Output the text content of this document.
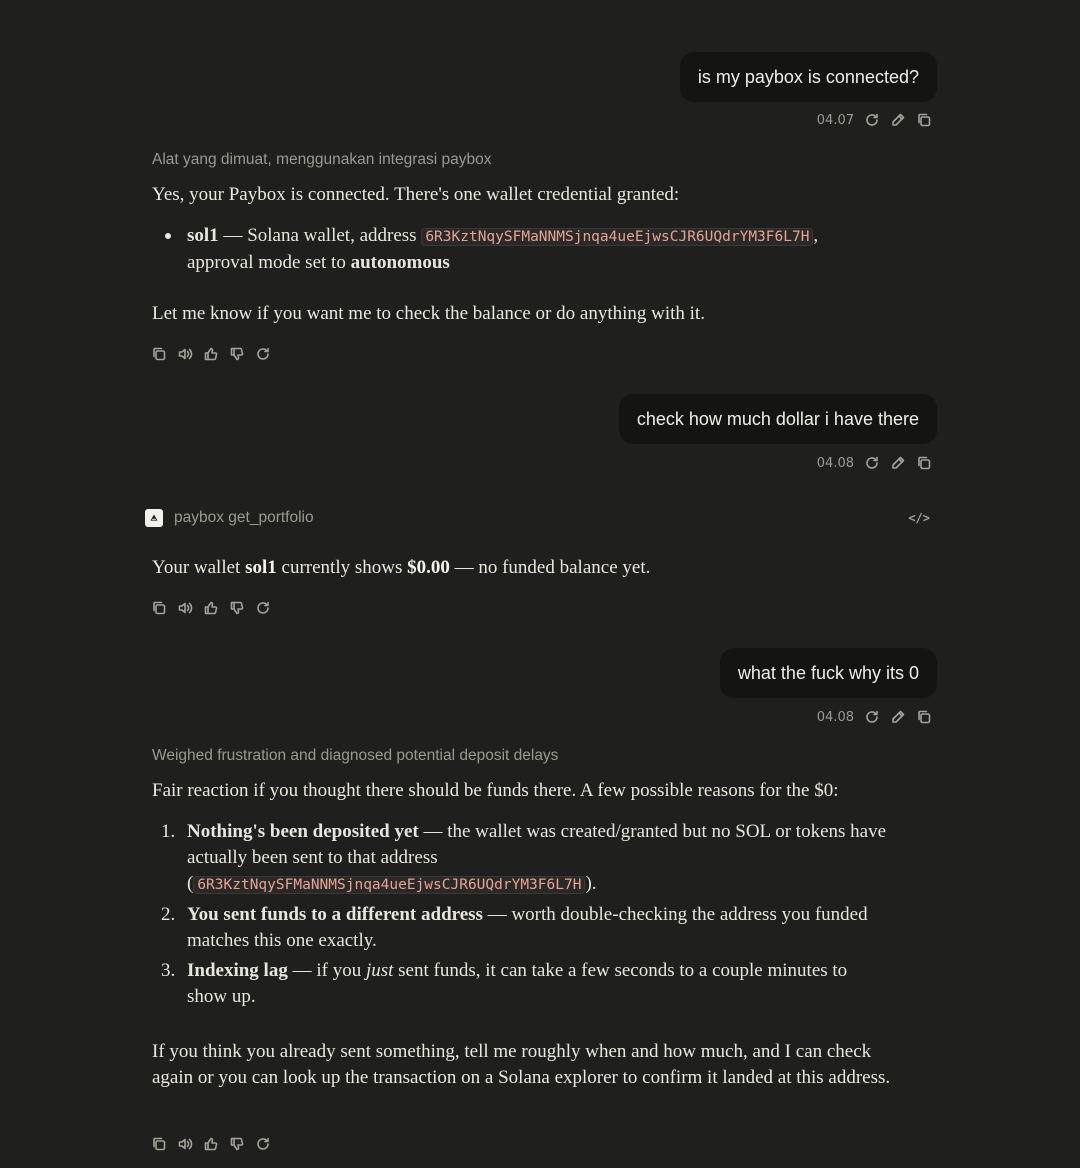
is my paybox is connected?
04.07
Alat yang dimuat, menggunakan integrasi paybox
Yes, your Paybox is connected. There's one wallet credential granted:
sol1 — Solana wallet, address 6R3KztNqySFMaNNMSjnqa4ueEjwsCJR6UQdrYM3F6L7H ,
approval mode set to autonomous
Let me know if you want me to check the balance or do anything with it.
check how much dollar i have there
04.08
paybox get_portfolio	</>
Your wallet sol1 currently shows $0.00 — no funded balance yet.
what the fuck why its 0
04.08
Weighed frustration and diagnosed potential deposit delays
Fair reaction if you thought there should be funds there. A few possible reasons for the $0:
1. Nothing's been deposited yet — the wallet was created/granted but no SOL or tokens have actually been sent to that address
( 6R3KztNqySFMaNNMSjnqa4ueEjwsCJR6UQdrYM3F6L7H ).
2. You sent funds to a different address — worth double-checking the address you funded matches this one exactly.
3. Indexing lag — if you just sent funds, it can take a few seconds to a couple minutes to show up.
If you think you already sent something, tell me roughly when and how much, and I can check again or you can look up the transaction on a Solana explorer to confirm it landed at this address.
